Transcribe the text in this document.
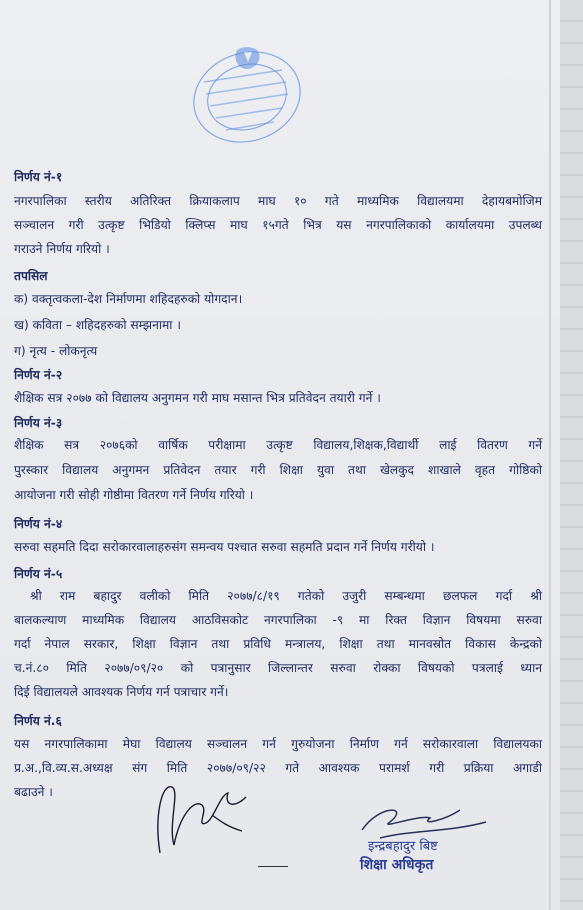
निर्णय नं-१
नगरपालिका स्तरीय अतिरिक्त क्रियाकलाप माघ १० गते माध्यमिक विद्यालयमा देहायबमोजिम
सञ्चालन गरी उत्कृष्ट भिडियो क्लिप्स माघ १५गते भित्र यस नगरपालिकाको कार्यालयमा उपलब्ध
गराउने निर्णय गरियो ।
तपसिल
क) वक्तृत्वकला-देश निर्माणमा शहिदहरुको योगदान।
ख) कविता – शहिदहरुको सम्झनामा ।
ग) नृत्य - लोकनृत्य
निर्णय नं-२
शैक्षिक सत्र २०७७ को विद्यालय अनुगमन गरी माघ मसान्त भित्र प्रतिवेदन तयारी गर्ने ।
निर्णय नं-३
शैक्षिक सत्र २०७६को वार्षिक परीक्षामा उत्कृष्ट विद्यालय,शिक्षक,विद्यार्थी लाई वितरण गर्ने
पुरस्कार विद्यालय अनुगमन प्रतिवेदन तयार गरी शिक्षा युवा तथा खेलकुद शाखाले वृहत गोष्ठिको
आयोजना गरी सोही गोष्ठीमा वितरण गर्ने निर्णय गरियो ।
निर्णय नं-४
सरुवा सहमति दिदा सरोकारवालाहरुसंग समन्वय पश्चात सरुवा सहमति प्रदान गर्ने निर्णय गरीयो ।
निर्णय नं-५
श्री राम बहादुर वलीको मिति २०७७/८/१९ गतेको उजुरी सम्बन्धमा छलफल गर्दा श्री
बालकल्याण माध्यमिक विद्यालय आठविसकोट नगरपालिका -९ मा रिक्त विज्ञान विषयमा सरुवा
गर्दा नेपाल सरकार, शिक्षा विज्ञान तथा प्रविधि मन्त्रालय, शिक्षा तथा मानवस्रोत विकास केन्द्रको
च.नं.८० मिति २०७७/०९/२० को पत्रानुसार जिल्लान्तर सरुवा रोक्का विषयको पत्रलाई ध्यान
दिई विद्यालयले आवश्यक निर्णय गर्न पत्राचार गर्ने।
निर्णय नं.६
यस नगरपालिकामा मेघा विद्यालय सञ्चालन गर्न गुरुयोजना निर्माण गर्न सरोकारवाला विद्यालयका
प्र.अ.,वि.व्य.स.अध्यक्ष संग मिति २०७७/०९/२२ गते आवश्यक परामर्श गरी प्रक्रिया अगाडी
बढाउने ।
इन्द्रबहादुर बिष्ट
शिक्षा अधिकृत
